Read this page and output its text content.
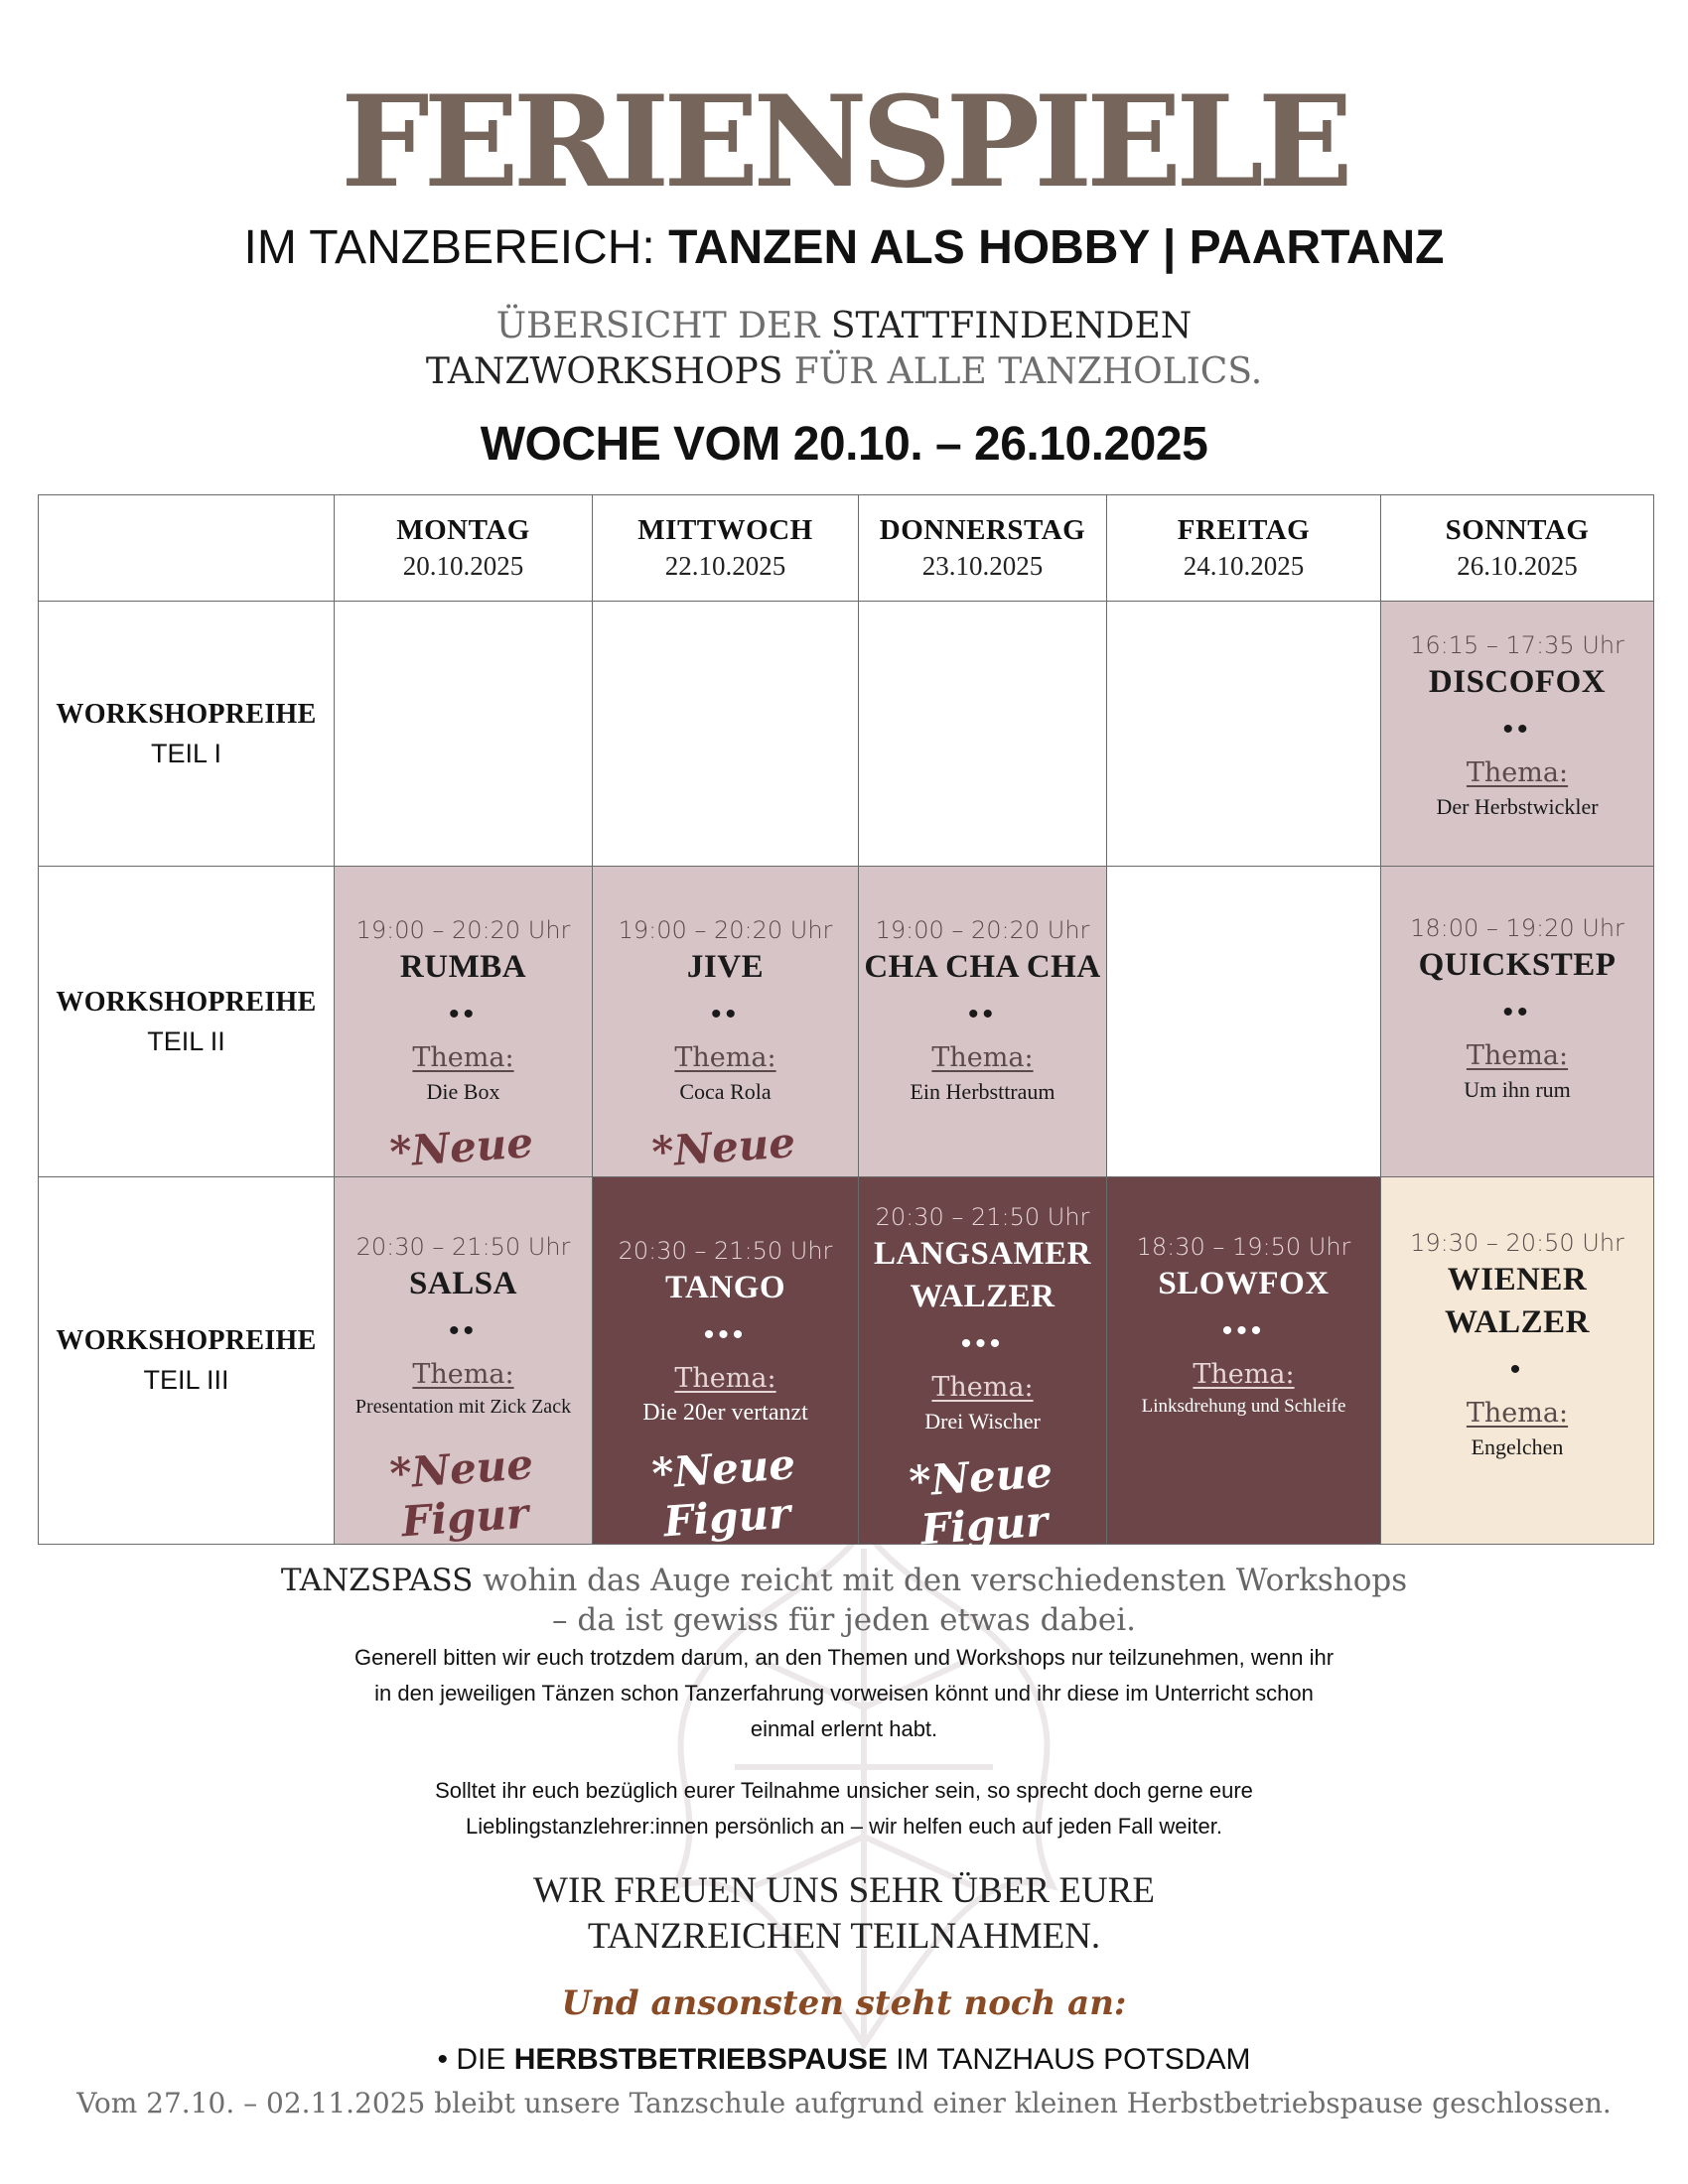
FERIENSPIELE
IM TANZBEREICH: TANZEN ALS HOBBY | PAARTANZ
ÜBERSICHT DER STATTFINDENDEN
TANZWORKSHOPS FÜR ALLE TANZHOLICS.
WOCHE VOM 20.10. – 26.10.2025
MONTAG
20.10.2025
MITTWOCH
22.10.2025
DONNERSTAG
23.10.2025
FREITAG
24.10.2025
SONNTAG
26.10.2025
WORKSHOPREIHE
TEIL I
16:15 – 17:35 Uhr
DISCOFOX
••
Thema:
Der Herbstwickler
WORKSHOPREIHE
TEIL II
19:00 – 20:20 Uhr
RUMBA
••
Thema:
Die Box
*Neue
19:00 – 20:20 Uhr
JIVE
••
Thema:
Coca Rola
*Neue
19:00 – 20:20 Uhr
CHA CHA CHA
••
Thema:
Ein Herbsttraum
18:00 – 19:20 Uhr
QUICKSTEP
••
Thema:
Um ihn rum
WORKSHOPREIHE
TEIL III
20:30 – 21:50 Uhr
SALSA
••
Thema:
Presentation mit Zick Zack
*Neue Figur
20:30 – 21:50 Uhr
TANGO
•••
Thema:
Die 20er vertanzt
*Neue Figur
20:30 – 21:50 Uhr
LANGSAMER
WALZER
•••
Thema:
Drei Wischer
*Neue Figur
18:30 – 19:50 Uhr
SLOWFOX
•••
Thema:
Linksdrehung und Schleife
19:30 – 20:50 Uhr
WIENER
WALZER
•
Thema:
Engelchen
TANZSPASS wohin das Auge reicht mit den verschiedensten Workshops
– da ist gewiss für jeden etwas dabei.
Generell bitten wir euch trotzdem darum, an den Themen und Workshops nur teilzunehmen, wenn ihr
in den jeweiligen Tänzen schon Tanzerfahrung vorweisen könnt und ihr diese im Unterricht schon
einmal erlernt habt.
Solltet ihr euch bezüglich eurer Teilnahme unsicher sein, so sprecht doch gerne eure
Lieblingstanzlehrer:innen persönlich an – wir helfen euch auf jeden Fall weiter.
WIR FREUEN UNS SEHR ÜBER EURE
TANZREICHEN TEILNAHMEN.
Und ansonsten steht noch an:
• DIE HERBSTBETRIEBSPAUSE IM TANZHAUS POTSDAM
Vom 27.10. – 02.11.2025 bleibt unsere Tanzschule aufgrund einer kleinen Herbstbetriebspause geschlossen.
